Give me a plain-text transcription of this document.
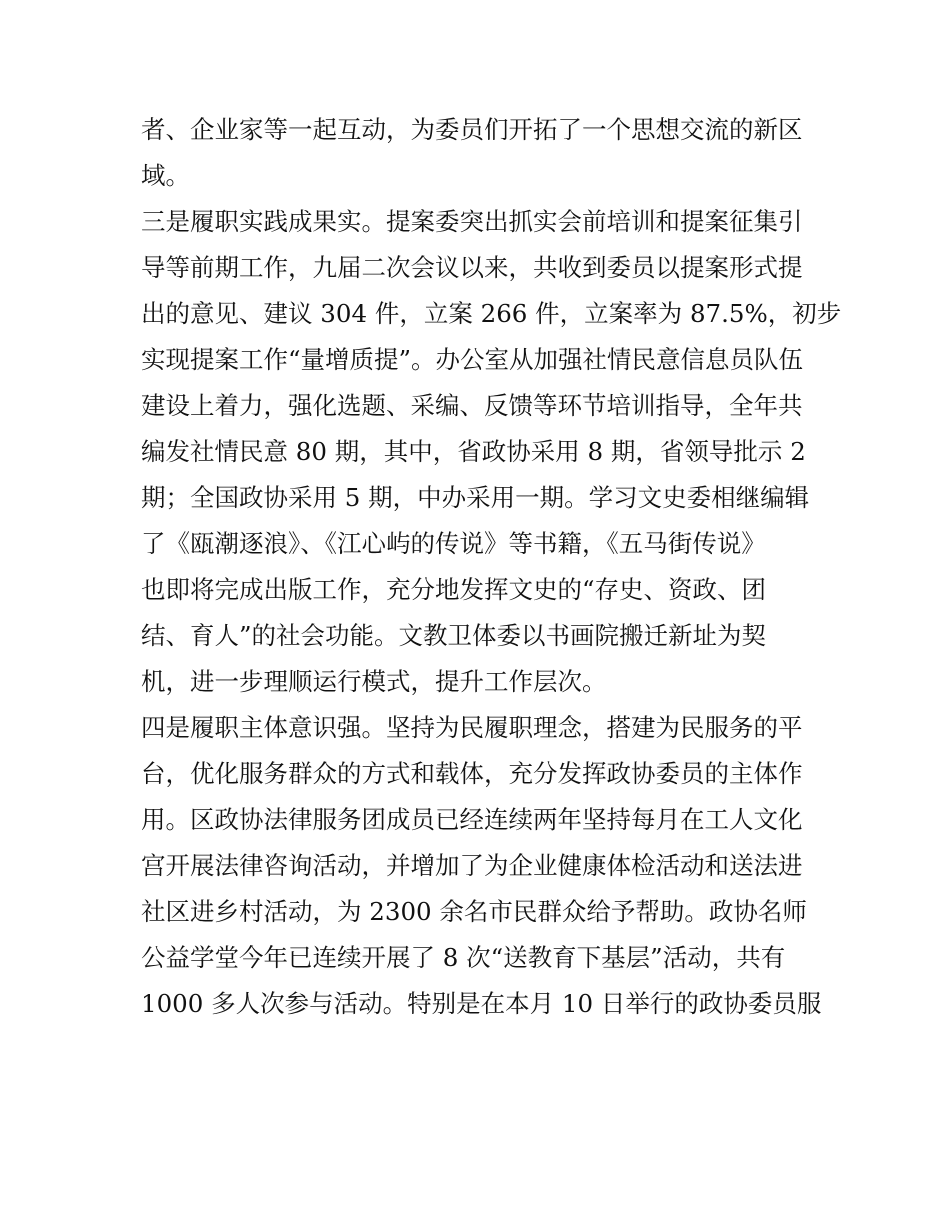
者、企业家等一起互动，为委员们开拓了一个思想交流的新区
域。
三是履职实践成果实。提案委突出抓实会前培训和提案征集引
导等前期工作，九届二次会议以来，共收到委员以提案形式提
出的意见、建议 304 件，立案 266 件，立案率为 87.5%，初步
实现提案工作“量增质提”。办公室从加强社情民意信息员队伍
建设上着力，强化选题、采编、反馈等环节培训指导，全年共
编发社情民意 80 期，其中，省政协采用 8 期，省领导批示 2
期；全国政协采用 5 期，中办采用一期。学习文史委相继编辑
了《瓯潮逐浪》、《江心屿的传说》等书籍，《五马街传说》
也即将完成出版工作，充分地发挥文史的“存史、资政、团
结、育人”的社会功能。文教卫体委以书画院搬迁新址为契
机，进一步理顺运行模式，提升工作层次。
四是履职主体意识强。坚持为民履职理念，搭建为民服务的平
台，优化服务群众的方式和载体，充分发挥政协委员的主体作
用。区政协法律服务团成员已经连续两年坚持每月在工人文化
宫开展法律咨询活动，并增加了为企业健康体检活动和送法进
社区进乡村活动，为 2300 余名市民群众给予帮助。政协名师
公益学堂今年已连续开展了 8 次“送教育下基层”活动，共有
1000 多人次参与活动。特别是在本月 10 日举行的政协委员服
